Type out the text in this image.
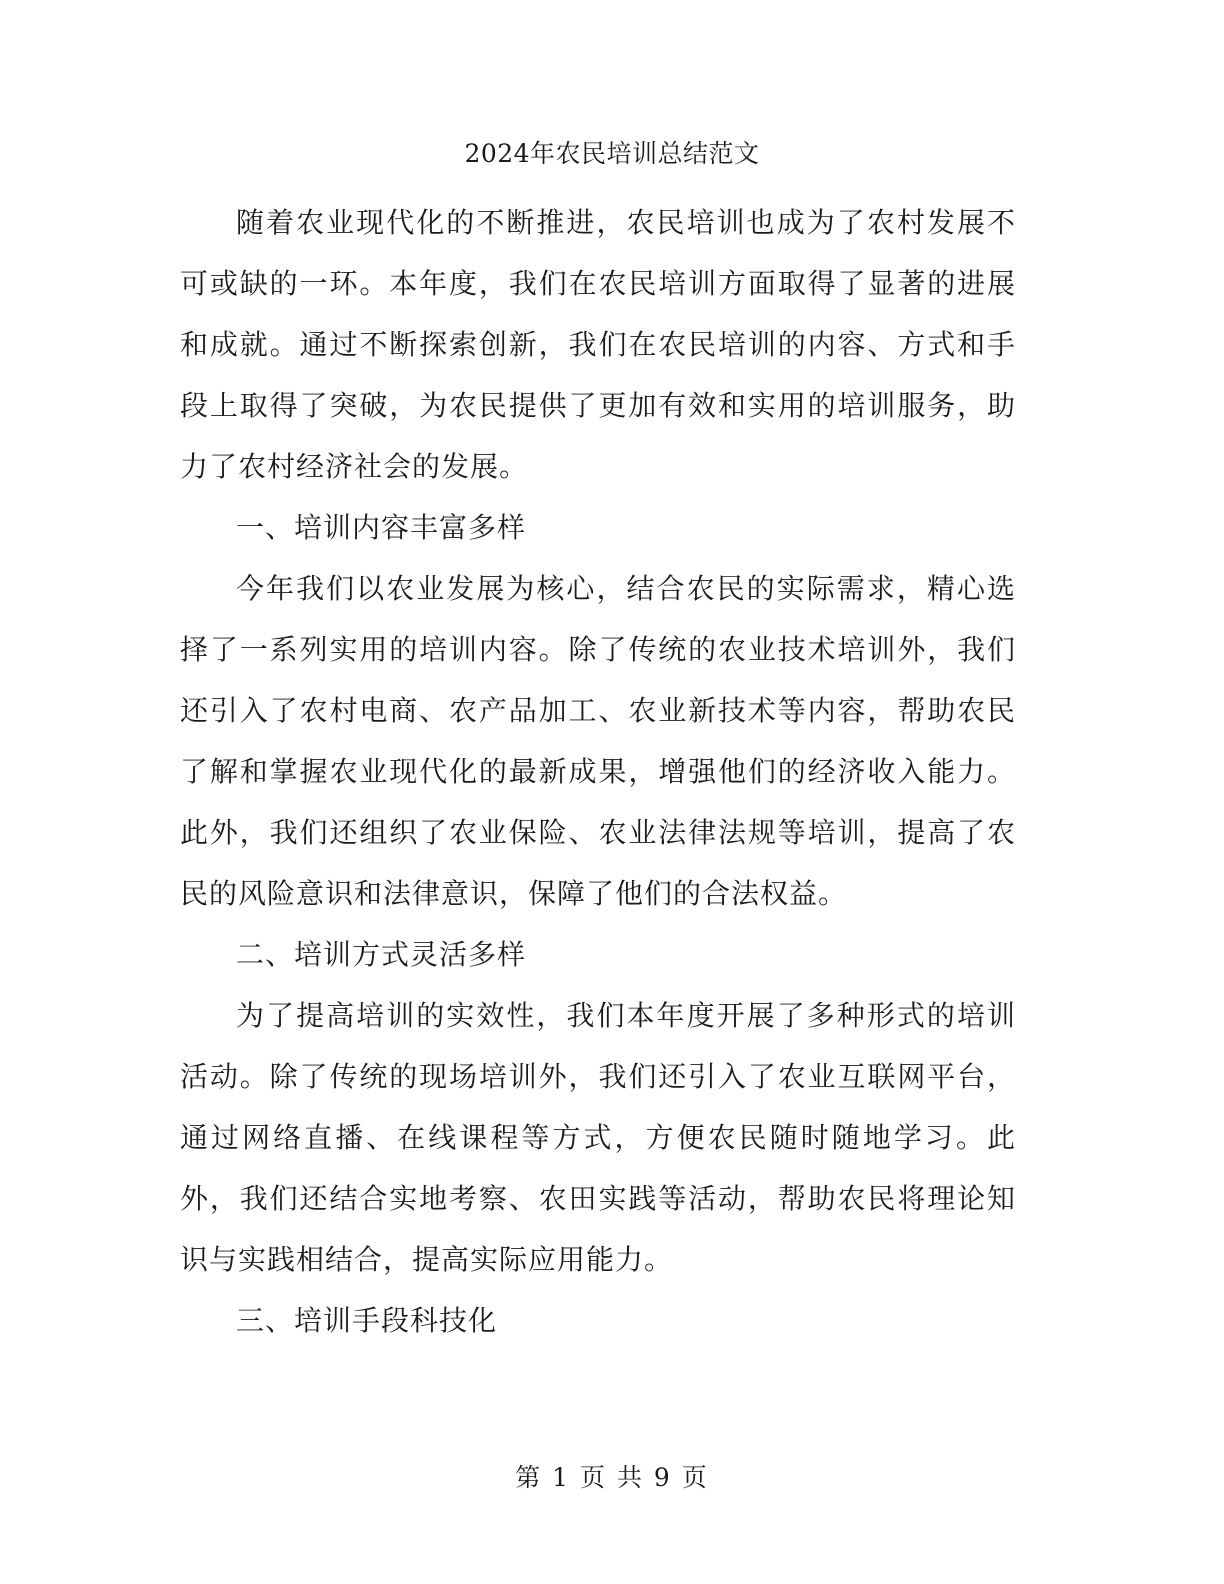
2024年农民培训总结范文

随着农业现代化的不断推进，农民培训也成为了农村发展不可或缺的一环。本年度，我们在农民培训方面取得了显著的进展和成就。通过不断探索创新，我们在农民培训的内容、方式和手段上取得了突破，为农民提供了更加有效和实用的培训服务，助力了农村经济社会的发展。

一、培训内容丰富多样

今年我们以农业发展为核心，结合农民的实际需求，精心选择了一系列实用的培训内容。除了传统的农业技术培训外，我们还引入了农村电商、农产品加工、农业新技术等内容，帮助农民了解和掌握农业现代化的最新成果，增强他们的经济收入能力。此外，我们还组织了农业保险、农业法律法规等培训，提高了农民的风险意识和法律意识，保障了他们的合法权益。

二、培训方式灵活多样

为了提高培训的实效性，我们本年度开展了多种形式的培训活动。除了传统的现场培训外，我们还引入了农业互联网平台，通过网络直播、在线课程等方式，方便农民随时随地学习。此外，我们还结合实地考察、农田实践等活动，帮助农民将理论知识与实践相结合，提高实际应用能力。

三、培训手段科技化

第 1 页 共 9 页
